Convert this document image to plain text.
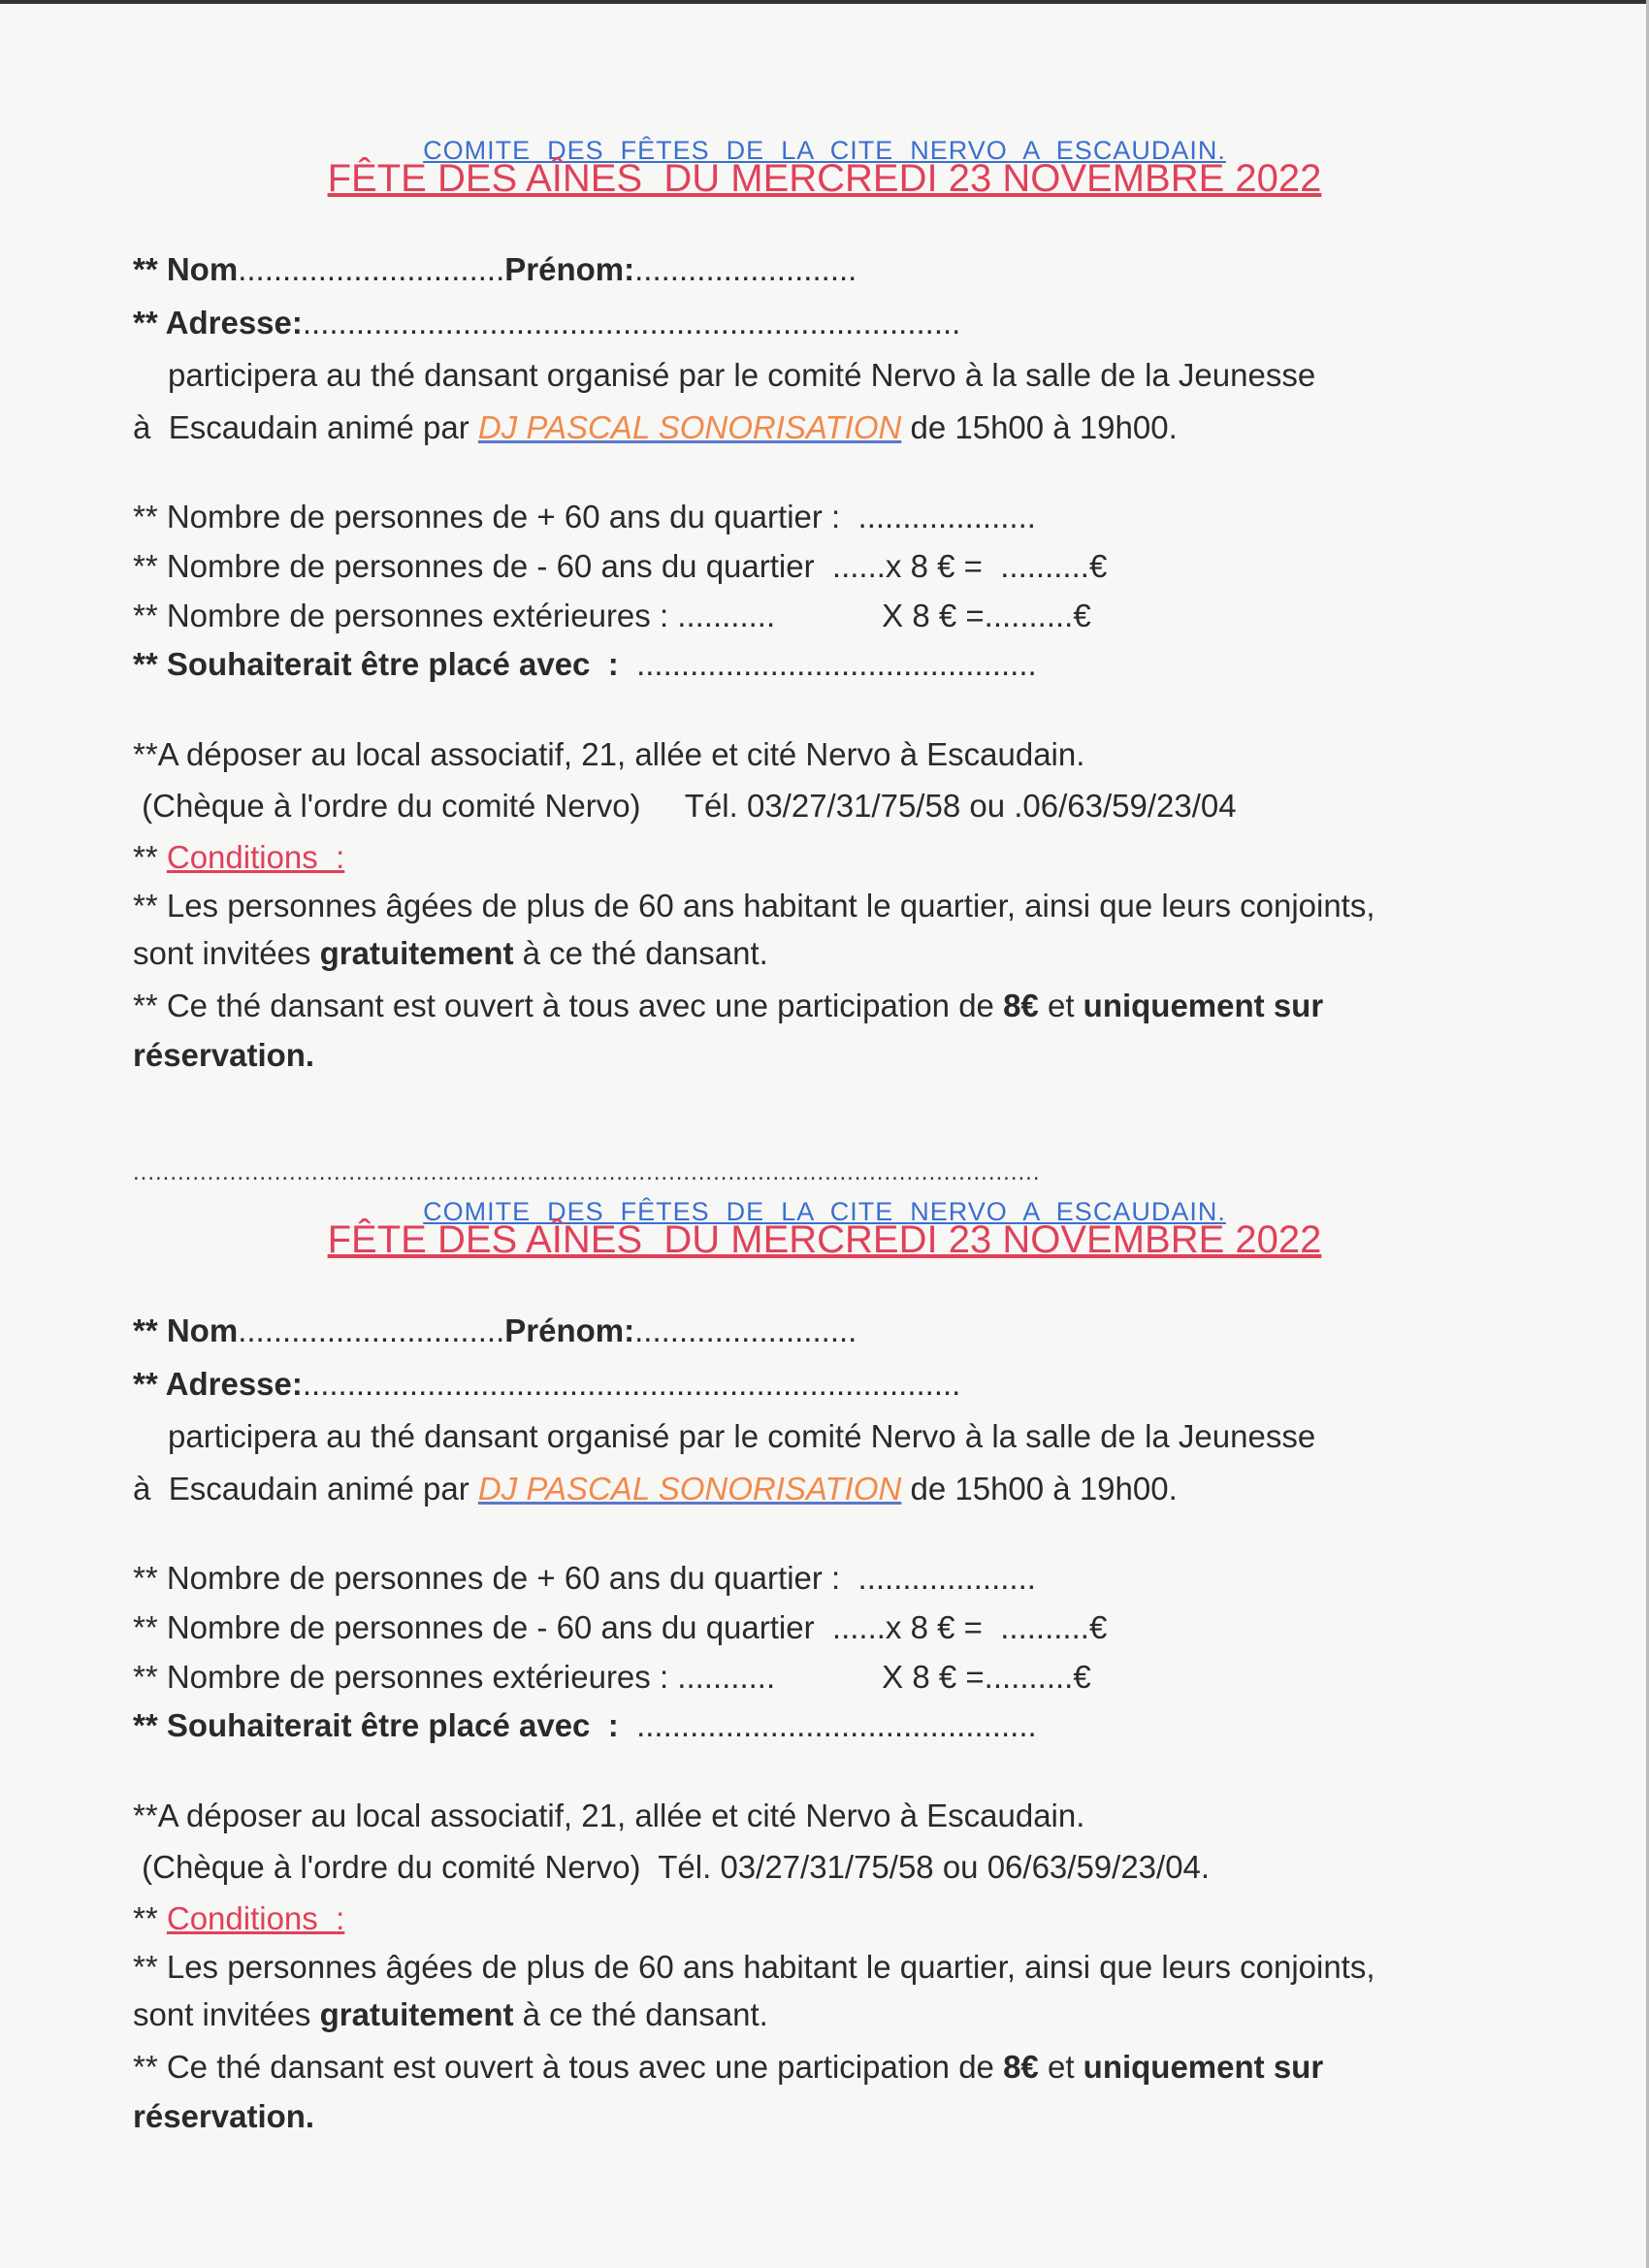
COMITE  DES  FÊTES  DE  LA  CITE  NERVO  A  ESCAUDAIN.
FÊTE DES AÎNES  DU MERCREDI 23 NOVEMBRE 2022
** Nom..............................Prénom:.........................
** Adresse:..........................................................................
participera au thé dansant organisé par le comité Nervo à la salle de la Jeunesse
à  Escaudain animé par DJ PASCAL SONORISATION de 15h00 à 19h00.
** Nombre de personnes de + 60 ans du quartier :  ....................
** Nombre de personnes de - 60 ans du quartier  ......x 8 € =  ..........€
** Nombre de personnes extérieures : ...........            X 8 € =..........€
** Souhaiterait être placé avec  :  .............................................
**A déposer au local associatif, 21, allée et cité Nervo à Escaudain.
(Chèque à l'ordre du comité Nervo)     Tél. 03/27/31/75/58 ou .06/63/59/23/04
** Conditions  :
** Les personnes âgées de plus de 60 ans habitant le quartier, ainsi que leurs conjoints,
sont invitées gratuitement à ce thé dansant.
** Ce thé dansant est ouvert à tous avec une participation de 8€ et uniquement sur
réservation.
..........................................................................................................................
COMITE  DES  FÊTES  DE  LA  CITE  NERVO  A  ESCAUDAIN.
FÊTE DES AÎNES  DU MERCREDI 23 NOVEMBRE 2022
** Nom..............................Prénom:.........................
** Adresse:..........................................................................
participera au thé dansant organisé par le comité Nervo à la salle de la Jeunesse
à  Escaudain animé par DJ PASCAL SONORISATION de 15h00 à 19h00.
** Nombre de personnes de + 60 ans du quartier :  ....................
** Nombre de personnes de - 60 ans du quartier  ......x 8 € =  ..........€
** Nombre de personnes extérieures : ...........            X 8 € =..........€
** Souhaiterait être placé avec  :  .............................................
**A déposer au local associatif, 21, allée et cité Nervo à Escaudain.
(Chèque à l'ordre du comité Nervo)  Tél. 03/27/31/75/58 ou 06/63/59/23/04.
** Conditions  :
** Les personnes âgées de plus de 60 ans habitant le quartier, ainsi que leurs conjoints,
sont invitées gratuitement à ce thé dansant.
** Ce thé dansant est ouvert à tous avec une participation de 8€ et uniquement sur
réservation.
